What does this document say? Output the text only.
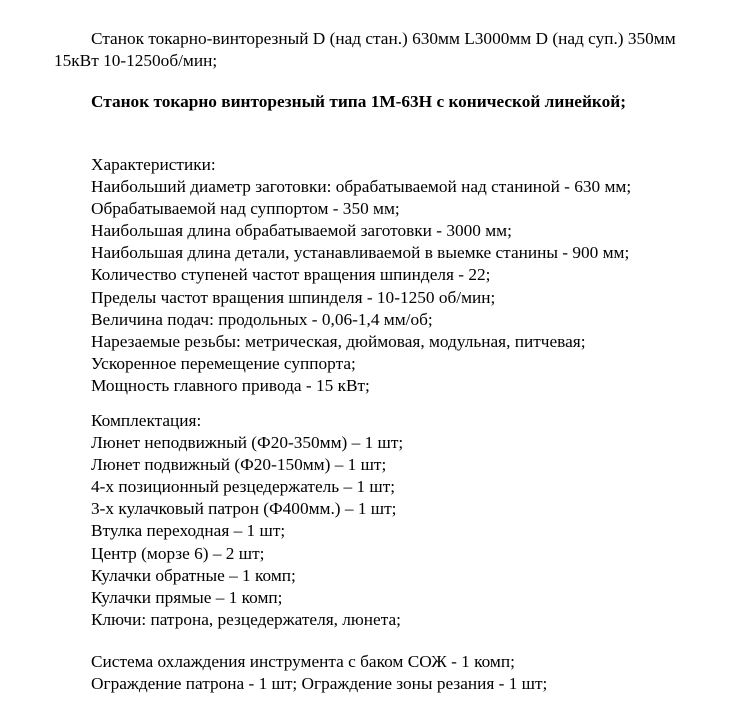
Станок токарно-винторезный D (над стан.) 630мм L3000мм D (над суп.) 350мм 15кВт 10-1250об/мин;

Станок токарно винторезный типа 1М-63Н с конической линейкой;

Характеристики:
Наибольший диаметр заготовки: обрабатываемой над станиной - 630 мм;
Обрабатываемой над суппортом - 350 мм;
Наибольшая длина обрабатываемой заготовки - 3000 мм;
Наибольшая длина детали, устанавливаемой в выемке станины - 900 мм;
Количество ступеней частот вращения шпинделя - 22;
Пределы частот вращения шпинделя - 10-1250 об/мин;
Величина подач: продольных - 0,06-1,4 мм/об;
Нарезаемые резьбы: метрическая, дюймовая, модульная, питчевая;
Ускоренное перемещение суппорта;
Мощность главного привода - 15 кВт;
Комплектация:
Люнет неподвижный (Ф20-350мм) – 1 шт;
Люнет подвижный (Ф20-150мм) – 1 шт;
4-х позиционный резцедержатель – 1 шт;
3-х кулачковый патрон (Ф400мм.) – 1 шт;
Втулка переходная – 1 шт;
Центр (морзе 6) – 2 шт;
Кулачки обратные – 1 комп;
Кулачки прямые – 1 комп;
Ключи: патрона, резцедержателя, люнета;
Система охлаждения инструмента с баком СОЖ - 1 комп;
Ограждение патрона - 1 шт; Ограждение зоны резания - 1 шт;
